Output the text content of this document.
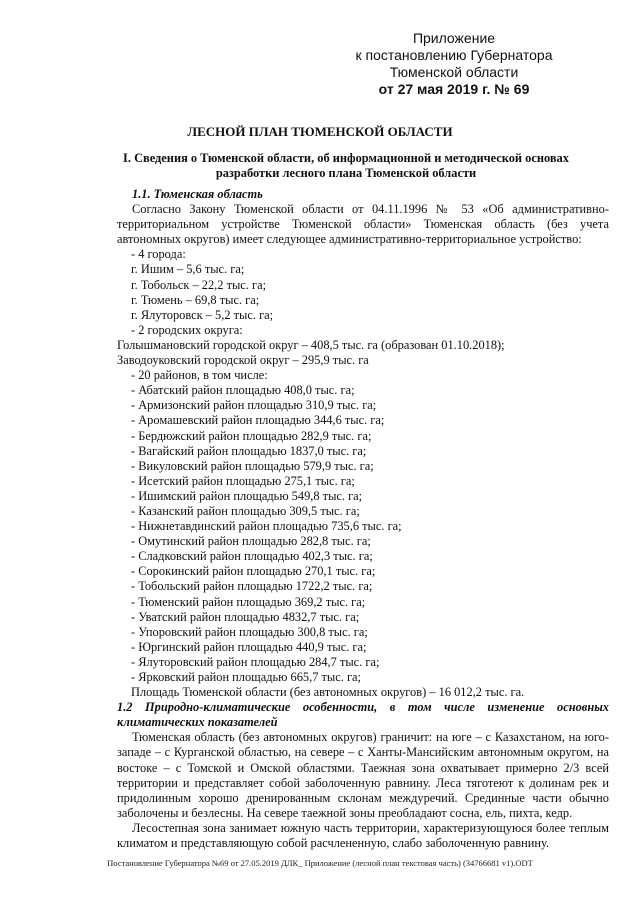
Приложение
к постановлению Губернатора
Тюменской области
от 27 мая 2019 г. № 69
ЛЕСНОЙ ПЛАН ТЮМЕНСКОЙ ОБЛАСТИ
I. Сведения о Тюменской области, об информационной и методической основах разработки лесного плана Тюменской области

1.1. Тюменская область

Согласно Закону Тюменской области от 04.11.1996 № 53 «Об административно-территориальном устройстве Тюменской области» Тюменская область (без учета автономных округов) имеет следующее административно-территориальное устройство:

- 4 города:

г. Ишим – 5,6 тыс. га;

г. Тобольск – 22,2 тыс. га;

г. Тюмень – 69,8 тыс. га;

г. Ялуторовск – 5,2 тыс. га;

- 2 городских округа:

Голышмановский городской округ – 408,5 тыс. га (образован 01.10.2018);

Заводоуковский городской округ – 295,9 тыс. га

- 20 районов, в том числе:

- Абатский район площадью 408,0 тыс. га;

- Армизонский район площадью 310,9 тыс. га;

- Аромашевский район площадью 344,6 тыс. га;

- Бердюжский район площадью 282,9 тыс. га;

- Вагайский район площадью 1837,0 тыс. га;

- Викуловский район площадью 579,9 тыс. га;

- Исетский район площадью 275,1 тыс. га;

- Ишимский район площадью 549,8 тыс. га;

- Казанский район площадью 309,5 тыс. га;

- Нижнетавдинский район площадью 735,6 тыс. га;

- Омутинский район площадью 282,8 тыс. га;

- Сладковский район площадью 402,3 тыс. га;

- Сорокинский район площадью 270,1 тыс. га;

- Тобольский район площадью 1722,2 тыс. га;

- Тюменский район площадью 369,2 тыс. га;

- Уватский район площадью 4832,7 тыс. га;

- Упоровский район площадью 300,8 тыс. га;

- Юргинский район площадью 440,9 тыс. га;

- Ялуторовский район площадью 284,7 тыс. га;

- Ярковский район площадью 665,7 тыс. га;

Площадь Тюменской области (без автономных округов) – 16 012,2 тыс. га.

1.2 Природно-климатические особенности, в том числе изменение основных климатических показателей

Тюменская область (без автономных округов) граничит: на юге – с Казахстаном, на юго-западе – с Курганской областью, на севере – с Ханты-Мансийским автономным округом, на востоке – с Томской и Омской областями. Таежная зона охватывает примерно 2/3 всей территории и представляет собой заболоченную равнину. Леса тяготеют к долинам рек и придолинным хорошо дренированным склонам междуречий. Срединные части обычно заболочены и безлесны. На севере таежной зоны преобладают сосна, ель, пихта, кедр.

Лесостепная зона занимает южную часть территории, характеризующуюся более теплым климатом и представляющую собой расчлененную, слабо заболоченную равнину.

Постановление Губернатора №69 от 27.05.2019 ДЛК_ Приложение (лесной план текстовая часть) (34766681 v1).ODT
